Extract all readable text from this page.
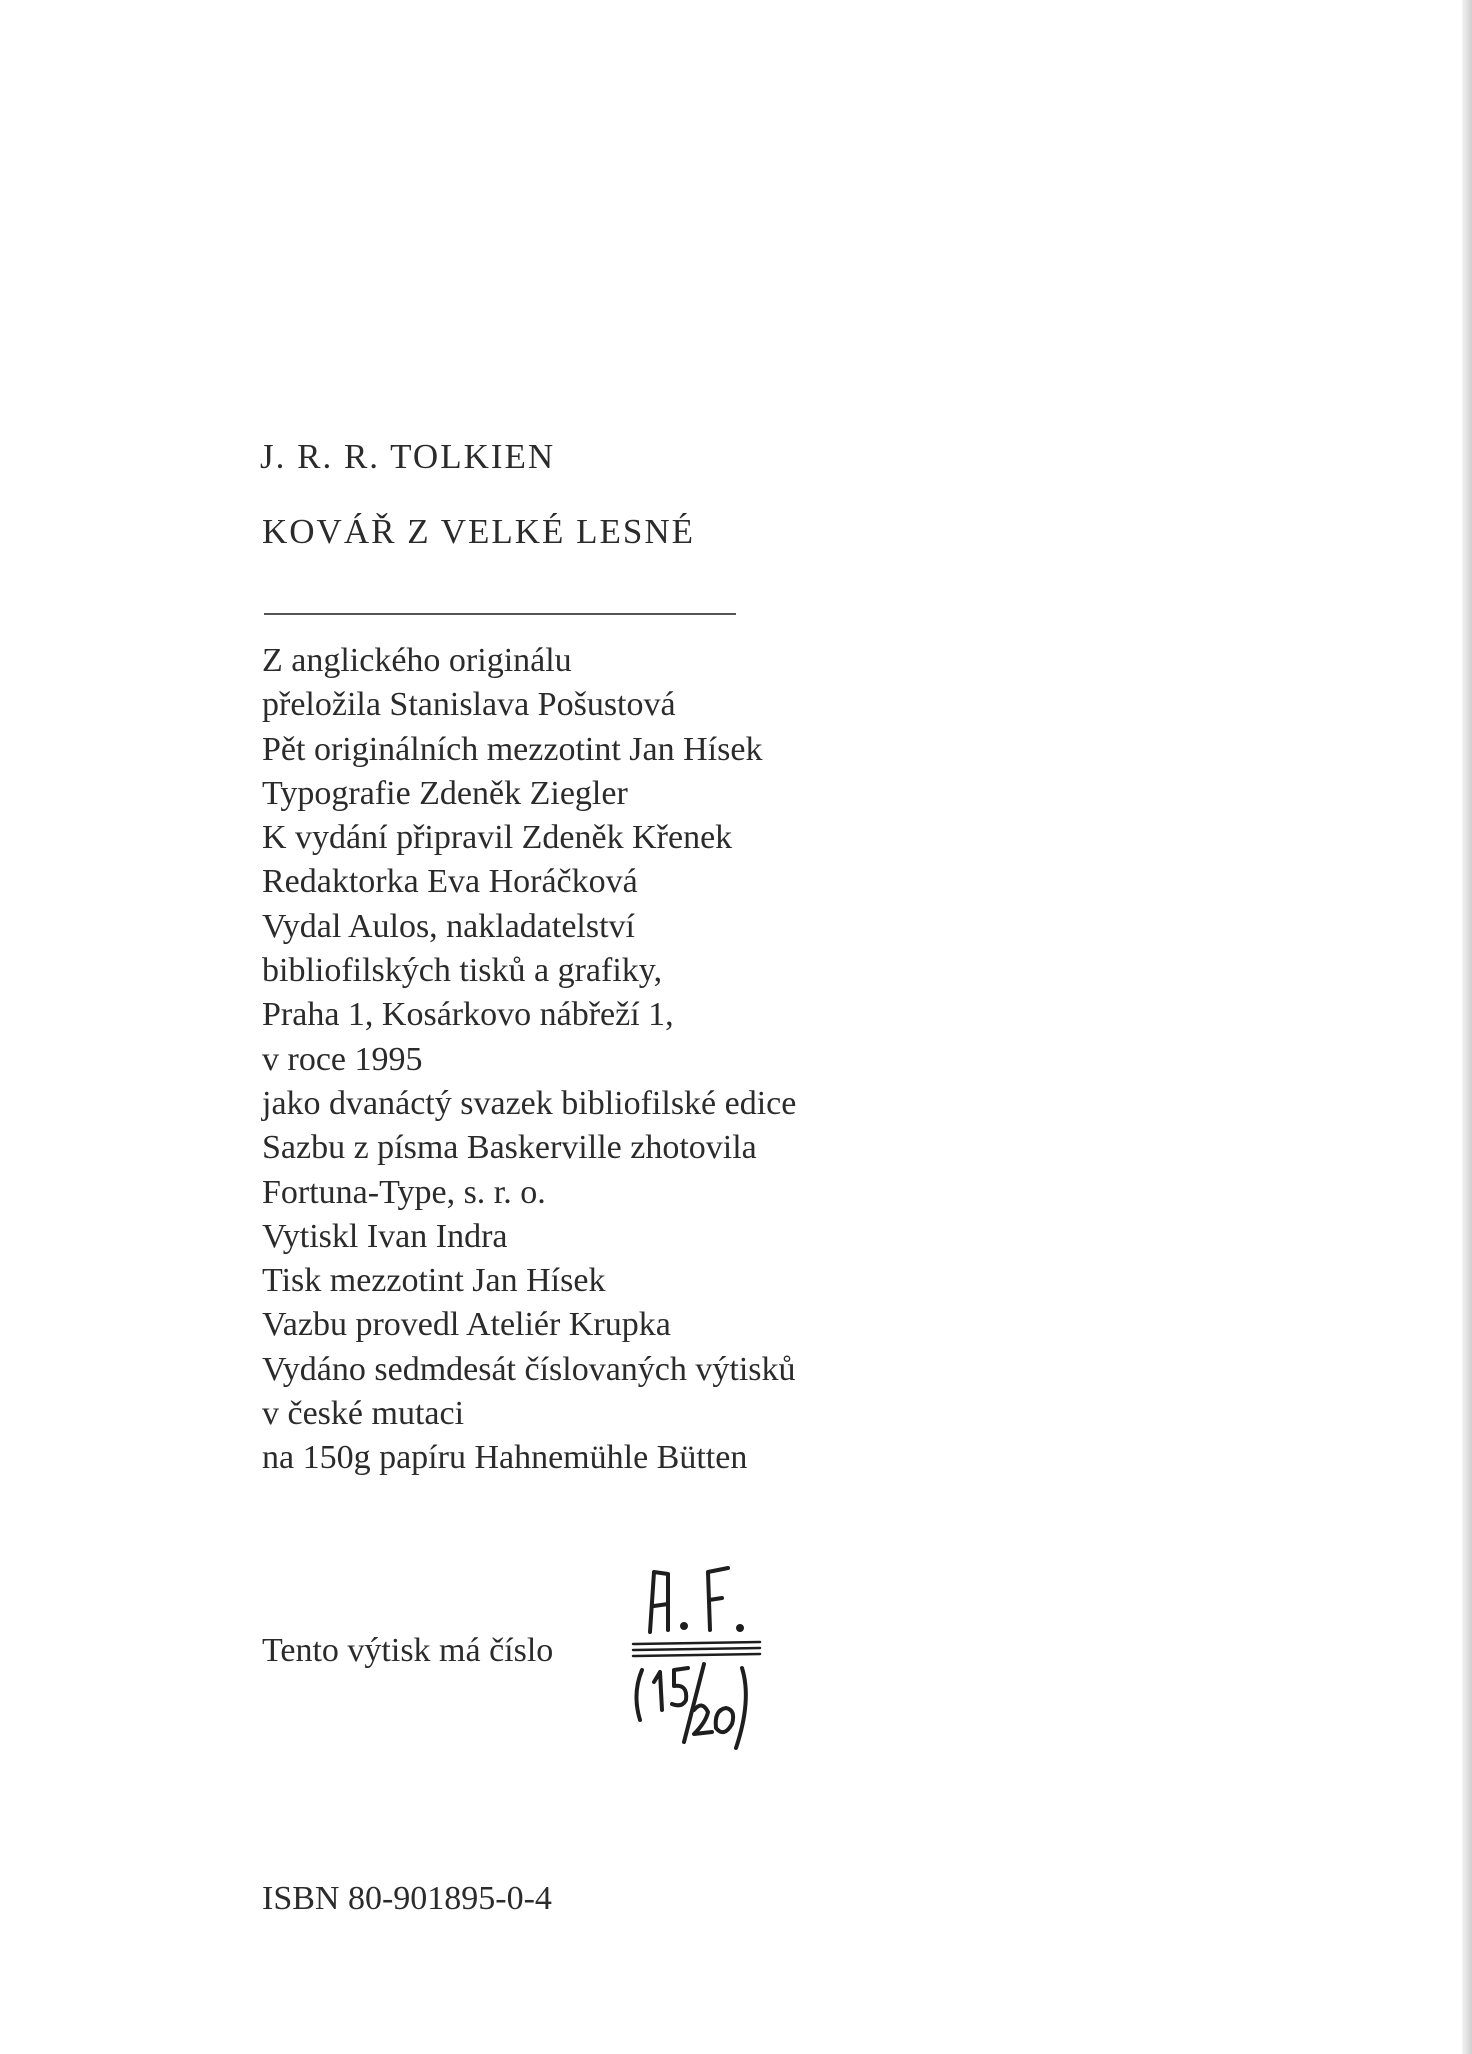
J. R. R. TOLKIEN
KOVÁŘ Z VELKÉ LESNÉ
Z anglického originálu
přeložila Stanislava Pošustová
Pět originálních mezzotint Jan Hísek
Typografie Zdeněk Ziegler
K vydání připravil Zdeněk Křenek
Redaktorka Eva Horáčková
Vydal Aulos, nakladatelství
bibliofilských tisků a grafiky,
Praha 1, Kosárkovo nábřeží 1,
v roce 1995
jako dvanáctý svazek bibliofilské edice
Sazbu z písma Baskerville zhotovila
Fortuna-Type, s. r. o.
Vytiskl Ivan Indra
Tisk mezzotint Jan Hísek
Vazbu provedl Ateliér Krupka
Vydáno sedmdesát číslovaných výtisků
v české mutaci
na 150g papíru Hahnemühle Bütten
Tento výtisk má číslo
ISBN 80-901895-0-4
